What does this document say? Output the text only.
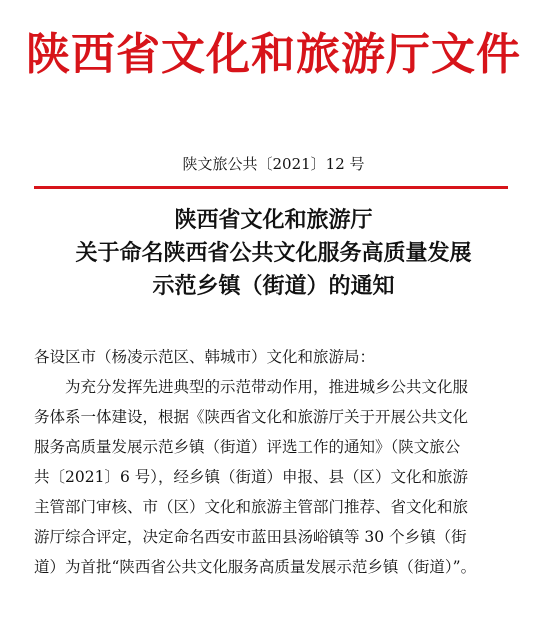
陕西省文化和旅游厅文件
陕文旅公共〔2021〕12 号
陕西省文化和旅游厅
关于命名陕西省公共文化服务高质量发展
示范乡镇（街道）的通知
各设区市（杨凌示范区、韩城市）文化和旅游局：
为充分发挥先进典型的示范带动作用，推进城乡公共文化服
务体系一体建设，根据《陕西省文化和旅游厅关于开展公共文化
服务高质量发展示范乡镇（街道）评选工作的通知》（陕文旅公
共〔2021〕6 号），经乡镇（街道）申报、县（区）文化和旅游
主管部门审核、市（区）文化和旅游主管部门推荐、省文化和旅
游厅综合评定，决定命名西安市蓝田县汤峪镇等 30 个乡镇（街
道）为首批“陕西省公共文化服务高质量发展示范乡镇（街道）”。
